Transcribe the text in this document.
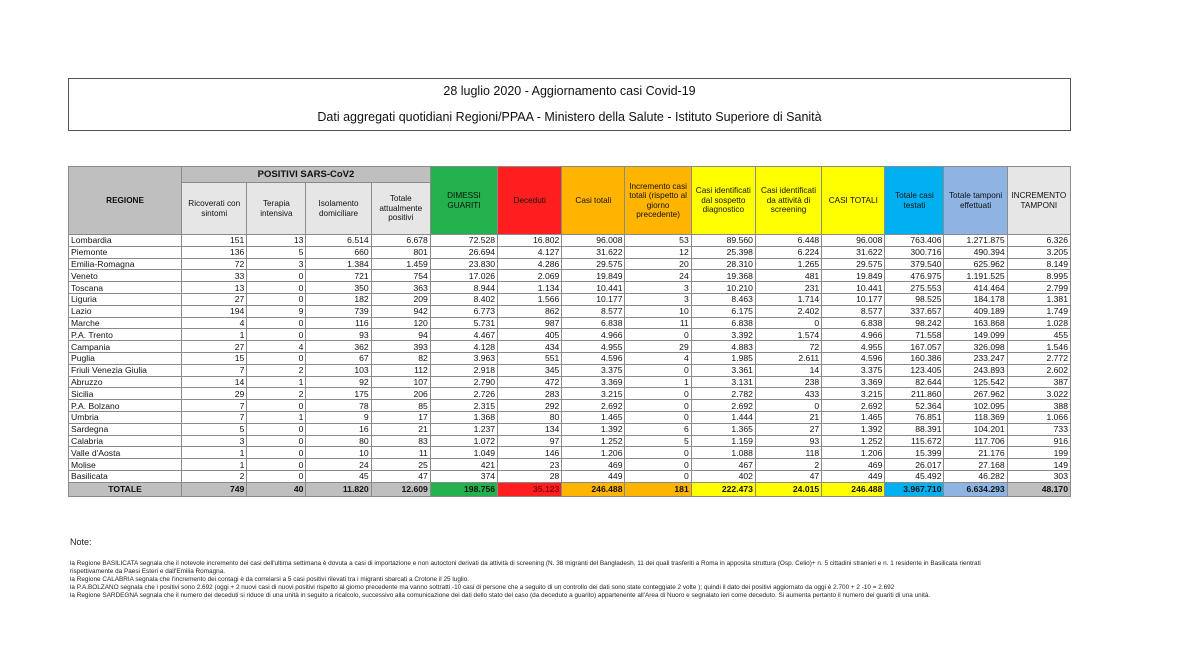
28 luglio 2020 - Aggiornamento casi Covid-19
Dati aggregati quotidiani Regioni/PPAA - Ministero della Salute - Istituto Superiore di Sanità
REGIONE	POSITIVI SARS-CoV2				DIMESSI GUARITI	Deceduti	Casi totali	Incremento casi totali (rispetto al giorno precedente)	Casi identificati dal sospetto diagnostico	Casi identificati da attività di screening	CASI TOTALI	Totale casi testati	Totale tamponi effettuati	INCREMENTO TAMPONI
	Ricoverati con sintomi	Terapia intensiva	Isolamento domiciliare	Totale attualmente positivi										
Lombardia	151	13	6.514	6.678	72.528	16.802	96.008	53	89.560	6.448	96.008	763.406	1.271.875	6.326
Piemonte	136	5	660	801	26.694	4.127	31.622	12	25.398	6.224	31.622	300.716	490.394	3.205
Emilia-Romagna	72	3	1.384	1.459	23.830	4.286	29.575	20	28.310	1.265	29.575	379.540	625.962	8.149
Veneto	33	0	721	754	17.026	2.069	19.849	24	19.368	481	19.849	476.975	1.191.525	8.995
Toscana	13	0	350	363	8.944	1.134	10.441	3	10.210	231	10.441	275.553	414.464	2.799
Liguria	27	0	182	209	8.402	1.566	10.177	3	8.463	1.714	10.177	98.525	184.178	1.381
Lazio	194	9	739	942	6.773	862	8.577	10	6.175	2.402	8.577	337.657	409.189	1.749
Marche	4	0	116	120	5.731	987	6.838	11	6.838	0	6.838	98.242	163.868	1.028
P.A. Trento	1	0	93	94	4.467	405	4.966	0	3.392	1.574	4.966	71.558	149.099	455
Campania	27	4	362	393	4.128	434	4.955	29	4.883	72	4.955	167.057	326.098	1.546
Puglia	15	0	67	82	3.963	551	4.596	4	1.985	2.611	4.596	160.386	233.247	2.772
Friuli Venezia Giulia	7	2	103	112	2.918	345	3.375	0	3.361	14	3.375	123.405	243.893	2.602
Abruzzo	14	1	92	107	2.790	472	3.369	1	3.131	238	3.369	82.644	125.542	387
Sicilia	29	2	175	206	2.726	283	3.215	0	2.782	433	3.215	211.860	267.962	3.022
P.A. Bolzano	7	0	78	85	2.315	292	2.692	0	2.692	0	2.692	52.364	102.095	388
Umbria	7	1	9	17	1.368	80	1.465	0	1.444	21	1.465	76.851	118.369	1.066
Sardegna	5	0	16	21	1.237	134	1.392	6	1.365	27	1.392	88.391	104.201	733
Calabria	3	0	80	83	1.072	97	1.252	5	1.159	93	1.252	115.672	117.706	916
Valle d'Aosta	1	0	10	11	1.049	146	1.206	0	1.088	118	1.206	15.399	21.176	199
Molise	1	0	24	25	421	23	469	0	467	2	469	26.017	27.168	149
Basilicata	2	0	45	47	374	28	449	0	402	47	449	45.492	46.282	303
TOTALE	749	40	11.820	12.609	198.756	35.123	246.488	181	222.473	24.015	246.488	3.967.710	6.634.293	48.170
Note:
la Regione BASILICATA segnala che il notevole incremento dei casi dell'ultima settimana è dovuta a casi di importazione e non autoctoni derivati da attività di screening (N. 38 migranti del Bangladesh, 11 dei quali trasferiti a Roma in apposita struttura (Osp. Celio)+ n. 5 cittadini stranieri e n. 1 residente in Basilicata rientrati
rispettivamente da Paesi Esteri e dall'Emilia Romagna.
la Regione CALABRIA segnala che l'incremento dei contagi è da correlarsi a 5 casi positivi rilevati tra i migranti sbarcati a Crotone il 25 luglio.
la P.A.BOLZANO segnala che i positivi sono 2.692 (oggi + 2 nuovi casi di nuovi positivi rispetto al giorno precedente ma vanno sottratti -10 casi di persone che a seguito di un controllo dei dati sono state conteggiate 2 volte ); quindi il dato dei positivi aggiornato da oggi è 2.700 + 2 -10 = 2.692
la Regione SARDEGNA segnala che il numero dei deceduti si riduce di una unità in seguito a ricalcolo, successivo alla comunicazione dei dati dello stato del caso (da deceduto a guarito) appartenente all'Area di Nuoro e segnalato ieri come deceduto. Si aumenta pertanto il numero dei guariti di una unità.
